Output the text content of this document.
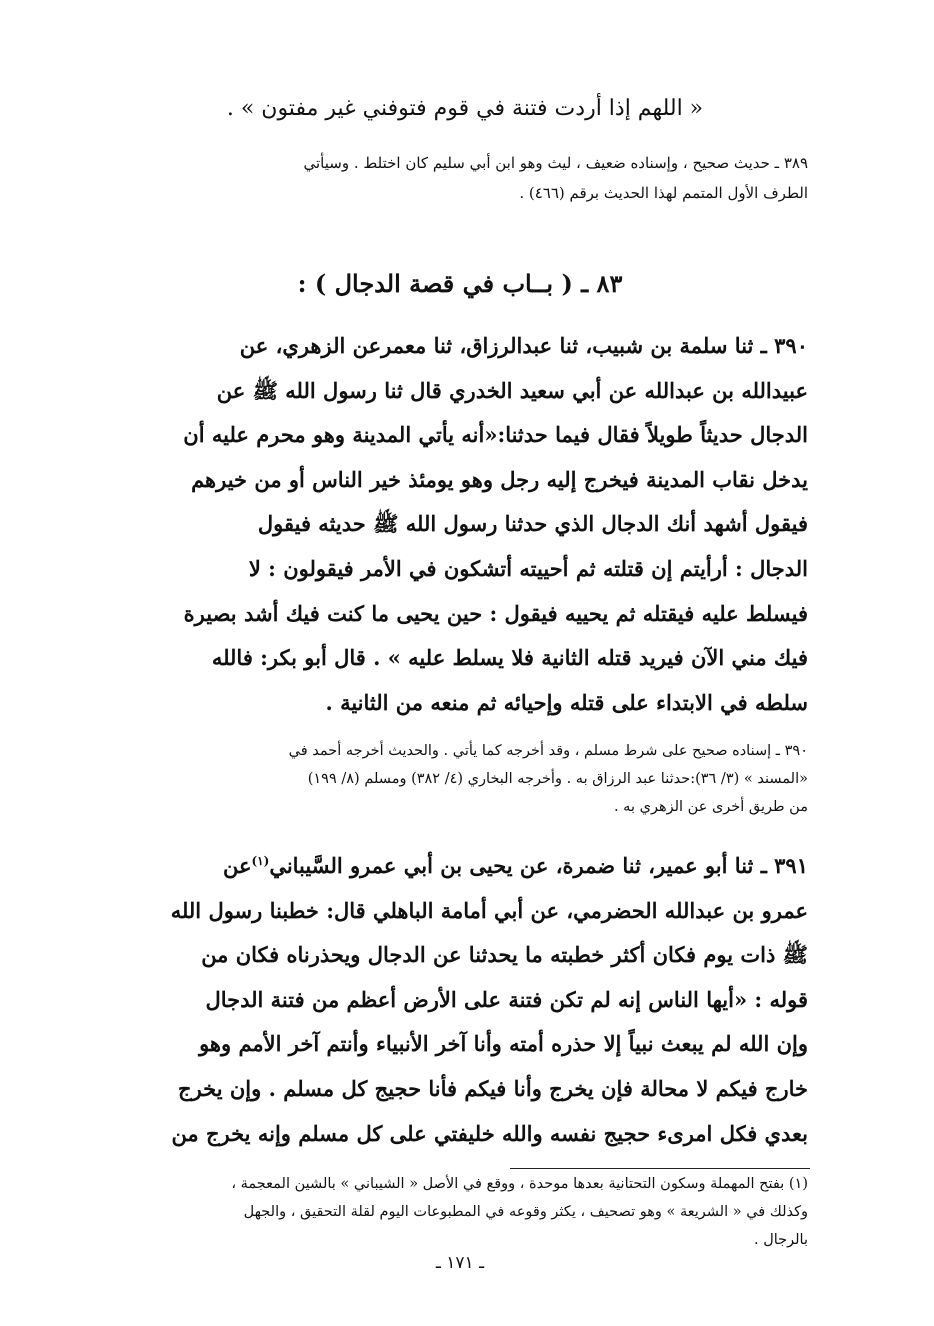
« اللهم إذا أردت فتنة في قوم فتوفني غير مفتون » .
٣٨٩ ـ حديث صحيح ، وإسناده ضعيف ، ليث وهو ابن أبي سليم كان اختلط . وسيأتي
الطرف الأول المتمم لهذا الحديث برقم (٤٦٦) .
٨٣ ـ ( بــاب في قصة الدجال ) :
٣٩٠ ـ ثنا سلمة بن شبيب، ثنا عبدالرزاق، ثنا معمرعن الزهري، عن
عبيدالله بن عبدالله عن أبي سعيد الخدري قال ثنا رسول الله ﷺ عن
الدجال حديثاً طويلاً فقال فيما حدثنا:«أنه يأتي المدينة وهو محرم عليه أن
يدخل نقاب المدينة فيخرج إليه رجل وهو يومئذ خير الناس أو من خيرهم
فيقول أشهد أنك الدجال الذي حدثنا رسول الله ﷺ حديثه فيقول
الدجال : أرأيتم إن قتلته ثم أحييته أتشكون في الأمر فيقولون : لا
فيسلط عليه فيقتله ثم يحييه فيقول : حين يحيى ما كنت فيك أشد بصيرة
فيك مني الآن فيريد قتله الثانية فلا يسلط عليه » . قال أبو بكر: فالله
سلطه في الابتداء على قتله وإحيائه ثم منعه من الثانية .
٣٩٠ ـ إسناده صحيح على شرط مسلم ، وقد أخرجه كما يأتي . والحديث أخرجه أحمد في
«المسند » (٣/ ٣٦):حدثنا عبد الرزاق به . وأخرجه البخاري (٤/ ٣٨٢) ومسلم (٨/ ١٩٩)
من طريق أخرى عن الزهري به .
٣٩١ ـ ثنا أبو عمير، ثنا ضمرة، عن يحيى بن أبي عمرو السَّيباني$^{(١)}$عن
عمرو بن عبدالله الحضرمي، عن أبي أمامة الباهلي قال: خطبنا رسول الله
ﷺ ذات يوم فكان أكثر خطبته ما يحدثنا عن الدجال ويحذرناه فكان من
قوله : «أيها الناس إنه لم تكن فتنة على الأرض أعظم من فتنة الدجال
وإن الله لم يبعث نبياً إلا حذره أمته وأنا آخر الأنبياء وأنتم آخر الأمم وهو
خارج فيكم لا محالة فإن يخرج وأنا فيكم فأنا حجيج كل مسلم . وإن يخرج
بعدي فكل امرىء حجيج نفسه والله خليفتي على كل مسلم وإنه يخرج من
(١) بفتح المهملة وسكون التحتانية بعدها موحدة ، ووقع في الأصل « الشيباني » بالشين المعجمة ،
وكذلك في « الشريعة » وهو تصحيف ، يكثر وقوعه في المطبوعات اليوم لقلة التحقيق ، والجهل
بالرجال .
ـ ١٧١ ـ
